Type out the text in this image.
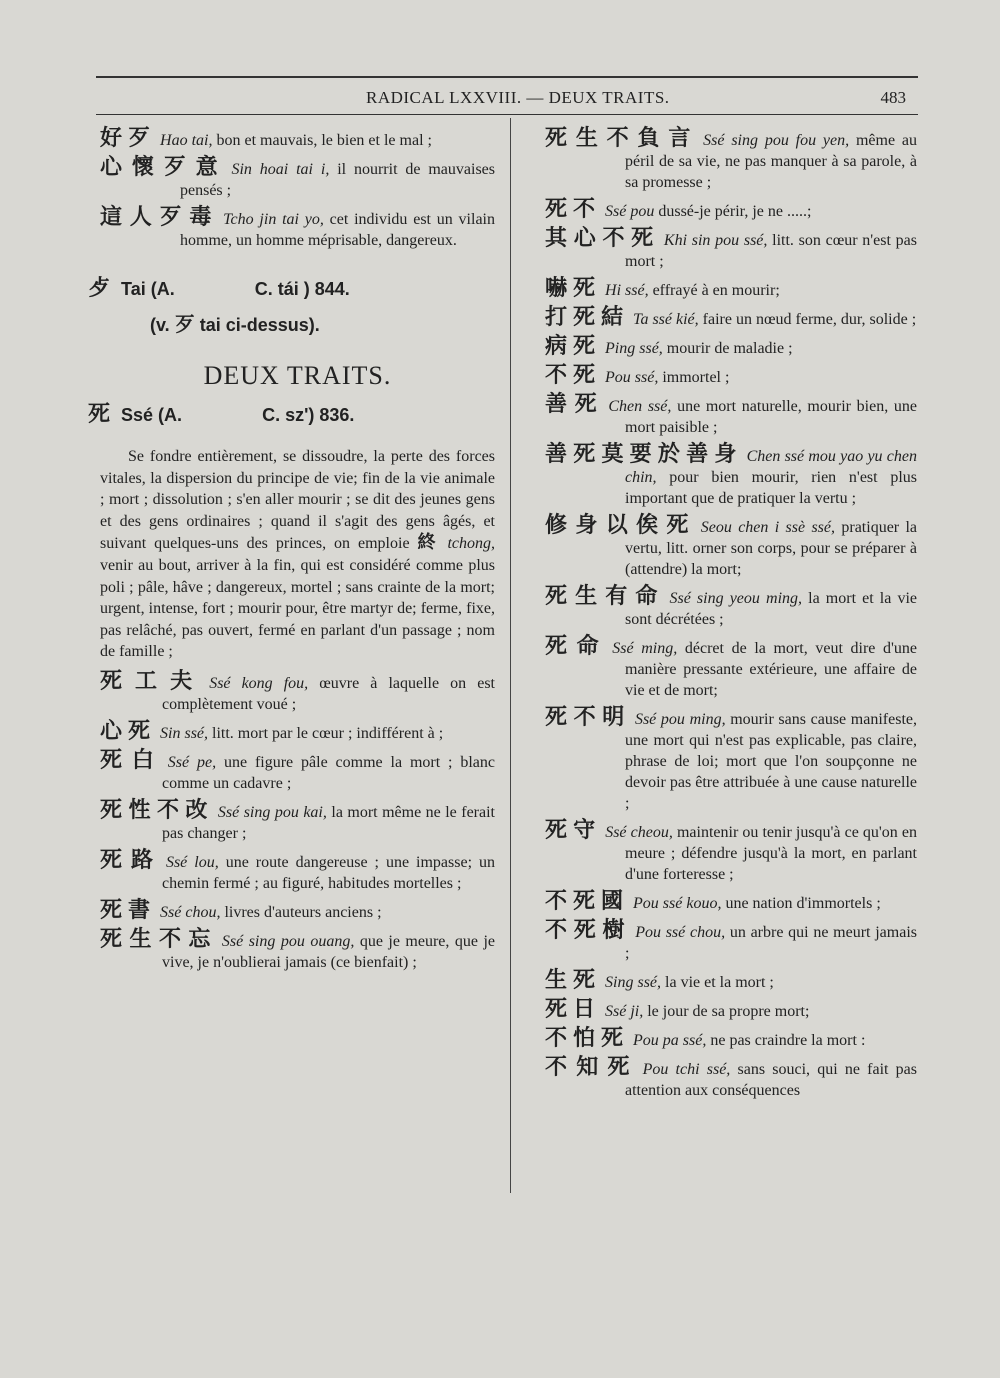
RADICAL LXXVIII. — DEUX TRAITS.	483
好歹 Hao tai, bon et mauvais, le bien et le mal ;
心懷歹意 Sin hoai tai i, il nourrit de mauvaises pensés ;
這人歹毒 Tcho jin tai yo, cet individu est un vilain homme, un homme méprisable, dangereux.
歺 Tai (A.	C. tái ) 844.
(v. 歹 tai ci-dessus).
DEUX TRAITS.
死 Ssé (A.	C. sz') 836.
Se fondre entièrement, se dissoudre, la perte des forces vitales, la dispersion du principe de vie; fin de la vie animale ; mort ; dissolution ; s'en aller mourir ; se dit des jeunes gens et des gens ordinaires ; quand il s'agit des gens âgés, et suivant quelques-uns des princes, on emploie 終 tchong, venir au bout, arriver à la fin, qui est considéré comme plus poli ; pâle, hâve ; dangereux, mortel ; sans crainte de la mort; urgent, intense, fort ; mourir pour, être martyr de; ferme, fixe, pas relâché, pas ouvert, fermé en parlant d'un passage ; nom de famille ;
死工夫 Ssé kong fou, œuvre à laquelle on est complètement voué ;
心死 Sin ssé, litt. mort par le cœur ; indifférent à ;
死白 Ssé pe, une figure pâle comme la mort ; blanc comme un cadavre ;
死性不改 Ssé sing pou kai, la mort même ne le ferait pas changer ;
死路 Ssé lou, une route dangereuse ; une impasse; un chemin fermé ; au figuré, habitudes mortelles ;
死書 Ssé chou, livres d'auteurs anciens ;
死生不忘 Ssé sing pou ouang, que je meure, que je vive, je n'oublierai jamais (ce bienfait) ;
死生不負言 Ssé sing pou fou yen, même au péril de sa vie, ne pas manquer à sa parole, à sa promesse ;
死不 Ssé pou dussé-je périr, je ne .....;
其心不死 Khi sin pou ssé, litt. son cœur n'est pas mort ;
嚇死 Hi ssé, effrayé à en mourir;
打死結 Ta ssé kié, faire un nœud ferme, dur, solide ;
病死 Ping ssé, mourir de maladie ;
不死 Pou ssé, immortel ;
善死 Chen ssé, une mort naturelle, mourir bien, une mort paisible ;
善死莫要於善身 Chen ssé mou yao yu chen chin, pour bien mourir, rien n'est plus important que de pratiquer la vertu ;
修身以俟死 Seou chen i ssè ssé, pratiquer la vertu, litt. orner son corps, pour se préparer à (attendre) la mort;
死生有命 Ssé sing yeou ming, la mort et la vie sont décrétées ;
死命 Ssé ming, décret de la mort, veut dire d'une manière pressante extérieure, une affaire de vie et de mort;
死不明 Ssé pou ming, mourir sans cause manifeste, une mort qui n'est pas explicable, pas claire, phrase de loi; mort que l'on soupçonne ne devoir pas être attribuée à une cause naturelle ;
死守 Ssé cheou, maintenir ou tenir jusqu'à ce qu'on en meure ; défendre jusqu'à la mort, en parlant d'une forteresse ;
不死國 Pou ssé kouo, une nation d'immortels ;
不死樹 Pou ssé chou, un arbre qui ne meurt jamais ;
生死 Sing ssé, la vie et la mort ;
死日 Ssé ji, le jour de sa propre mort;
不怕死 Pou pa ssé, ne pas craindre la mort :
不知死 Pou tchi ssé, sans souci, qui ne fait pas attention aux conséquences
